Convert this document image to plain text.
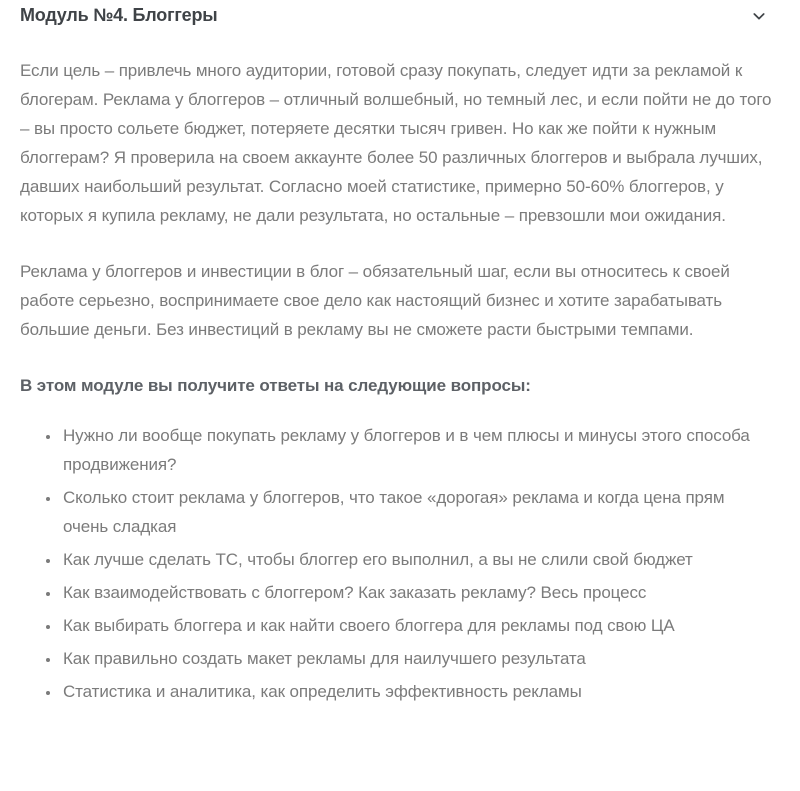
Модуль №4. Блоггеры

Если цель – привлечь много аудитории, готовой сразу покупать, следует идти за рекламой к блогерам. Реклама у блоггеров – отличный волшебный, но темный лес, и если пойти не до того – вы просто сольете бюджет, потеряете десятки тысяч гривен. Но как же пойти к нужным блоггерам? Я проверила на своем аккаунте более 50 различных блоггеров и выбрала лучших, давших наибольший результат. Согласно моей статистике, примерно 50-60% блоггеров, у которых я купила рекламу, не дали результата, но остальные – превзошли мои ожидания.

Реклама у блоггеров и инвестиции в блог – обязательный шаг, если вы относитесь к своей работе серьезно, воспринимаете свое дело как настоящий бизнес и хотите зарабатывать большие деньги. Без инвестиций в рекламу вы не сможете расти быстрыми темпами.

В этом модуле вы получите ответы на следующие вопросы:

• Нужно ли вообще покупать рекламу у блоггеров и в чем плюсы и минусы этого способа продвижения?
• Сколько стоит реклама у блоггеров, что такое «дорогая» реклама и когда цена прям очень сладкая
• Как лучше сделать ТС, чтобы блоггер его выполнил, а вы не слили свой бюджет
• Как взаимодействовать с блоггером? Как заказать рекламу? Весь процесс
• Как выбирать блоггера и как найти своего блоггера для рекламы под свою ЦА
• Как правильно создать макет рекламы для наилучшего результата
• Статистика и аналитика, как определить эффективность рекламы
